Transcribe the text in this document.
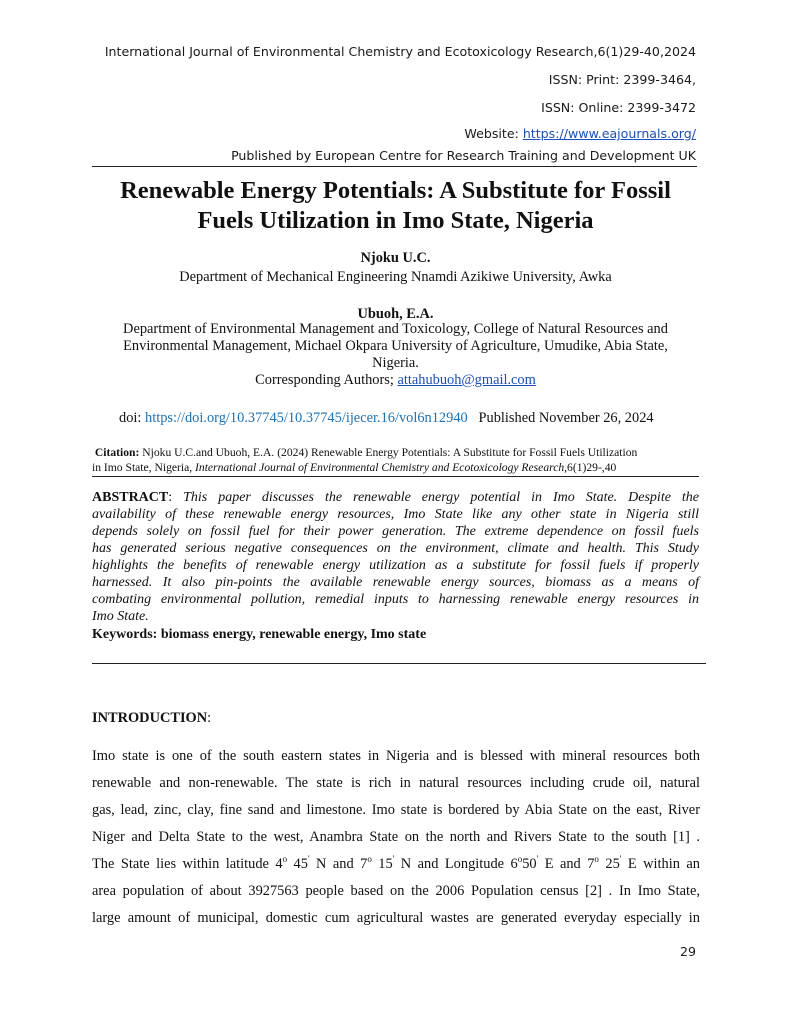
International Journal of Environmental Chemistry and Ecotoxicology Research,6(1)29-40,2024
ISSN: Print: 2399-3464,
ISSN: Online: 2399-3472
Website: https://www.eajournals.org/
Published by European Centre for Research Training and Development UK
Renewable Energy Potentials: A Substitute for Fossil
Fuels Utilization in Imo State, Nigeria
Njoku U.C.
Department of Mechanical Engineering Nnamdi Azikiwe University, Awka
Ubuoh, E.A.
Department of Environmental Management and Toxicology, College of Natural Resources and
Environmental Management, Michael Okpara University of Agriculture, Umudike, Abia State,
Nigeria.
Corresponding Authors; attahubuoh@gmail.com
doi: https://doi.org/10.37745/10.37745/ijecer.16/vol6n12940 Published November 26, 2024
Citation: Njoku U.C.and Ubuoh, E.A. (2024) Renewable Energy Potentials: A Substitute for Fossil Fuels Utilization
in Imo State, Nigeria, International Journal of Environmental Chemistry and Ecotoxicology Research,6(1)29-,40
ABSTRACT: This paper discusses the renewable energy potential in Imo State. Despite the
availability of these renewable energy resources, Imo State like any other state in Nigeria still
depends solely on fossil fuel for their power generation. The extreme dependence on fossil fuels
has generated serious negative consequences on the environment, climate and health. This Study
highlights the benefits of renewable energy utilization as a substitute for fossil fuels if properly
harnessed. It also pin-points the available renewable energy sources, biomass as a means of
combating environmental pollution, remedial inputs to harnessing renewable energy resources in
Imo State.
Keywords: biomass energy, renewable energy, Imo state
INTRODUCTION:
Imo state is one of the south eastern states in Nigeria and is blessed with mineral resources both
renewable and non-renewable. The state is rich in natural resources including crude oil, natural
gas, lead, zinc, clay, fine sand and limestone. Imo state is bordered by Abia State on the east, River
Niger and Delta State to the west, Anambra State on the north and Rivers State to the south [1] .
The State lies within latitude 4$^o$ 45' N and 7$^o$ 15' N and Longitude 6$^o$50' E and 7$^o$ 25' E within an
area population of about 3927563 people based on the 2006 Population census [2] . In Imo State,
large amount of municipal, domestic cum agricultural wastes are generated everyday especially in
29
